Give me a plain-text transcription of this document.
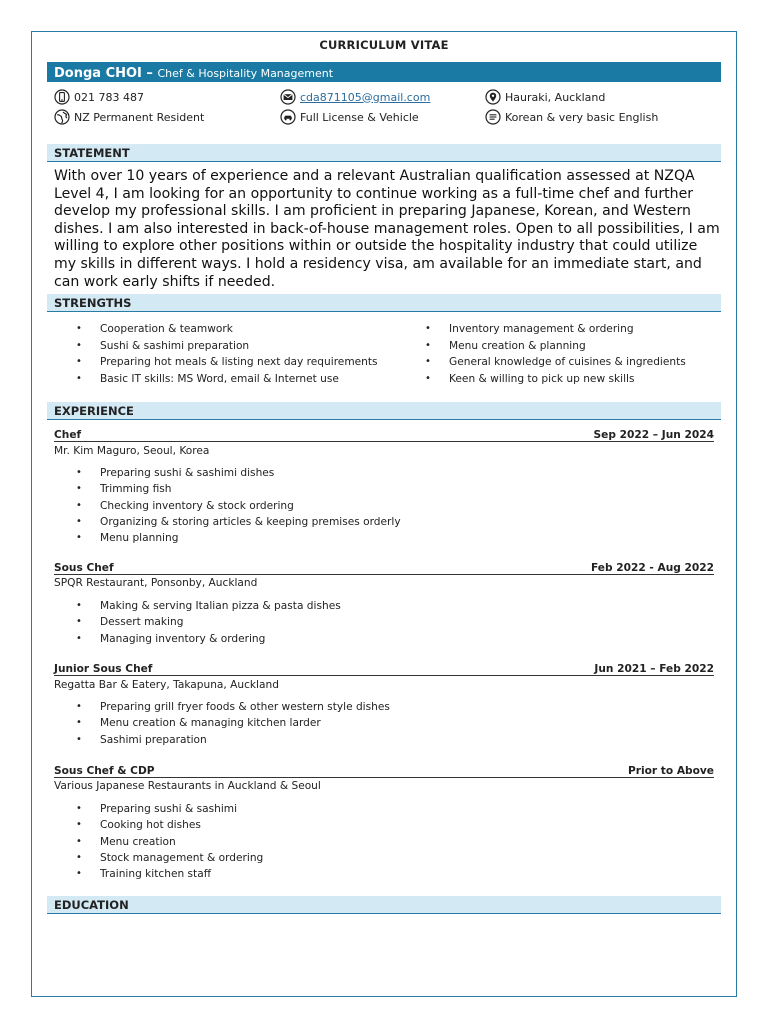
CURRICULUM VITAE
Donga CHOI – Chef & Hospitality Management
021 783 487	cda871105@gmail.com	Hauraki, Auckland
NZ Permanent Resident	Full License & Vehicle	Korean & very basic English
STATEMENT
With over 10 years of experience and a relevant Australian qualification assessed at NZQA Level 4, I am looking for an opportunity to continue working as a full-time chef and further develop my professional skills. I am proficient in preparing Japanese, Korean, and Western dishes. I am also interested in back-of-house management roles. Open to all possibilities, I am willing to explore other positions within or outside the hospitality industry that could utilize my skills in different ways. I hold a residency visa, am available for an immediate start, and can work early shifts if needed.
STRENGTHS
• Cooperation & teamwork
• Sushi & sashimi preparation
• Preparing hot meals & listing next day requirements
• Basic IT skills: MS Word, email & Internet use
• Inventory management & ordering
• Menu creation & planning
• General knowledge of cuisines & ingredients
• Keen & willing to pick up new skills
EXPERIENCE
Chef	Sep 2022 – Jun 2024
Mr. Kim Maguro, Seoul, Korea
• Preparing sushi & sashimi dishes
• Trimming fish
• Checking inventory & stock ordering
• Organizing & storing articles & keeping premises orderly
• Menu planning
Sous Chef	Feb 2022 - Aug 2022
SPQR Restaurant, Ponsonby, Auckland
• Making & serving Italian pizza & pasta dishes
• Dessert making
• Managing inventory & ordering
Junior Sous Chef	Jun 2021 – Feb 2022
Regatta Bar & Eatery, Takapuna, Auckland
• Preparing grill fryer foods & other western style dishes
• Menu creation & managing kitchen larder
• Sashimi preparation
Sous Chef & CDP	Prior to Above
Various Japanese Restaurants in Auckland & Seoul
• Preparing sushi & sashimi
• Cooking hot dishes
• Menu creation
• Stock management & ordering
• Training kitchen staff
EDUCATION
